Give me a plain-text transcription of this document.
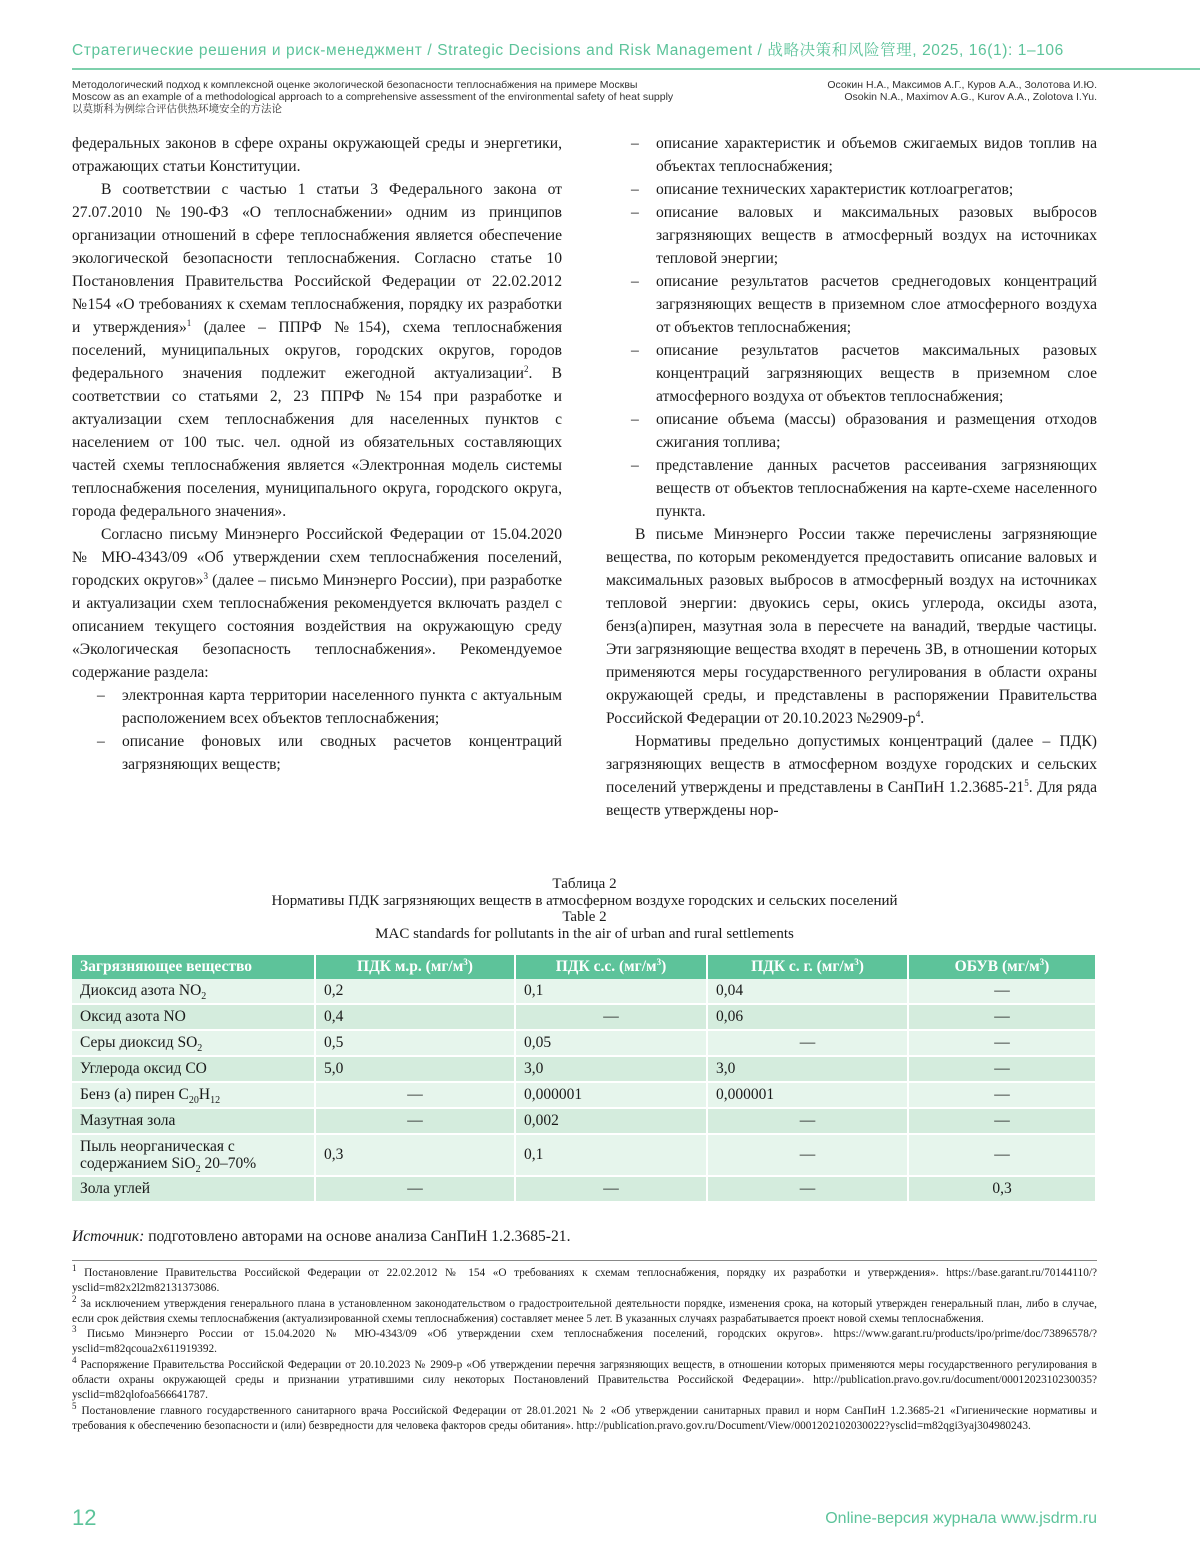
Стратегические решения и риск-менеджмент / Strategic Decisions and Risk Management / 战略决策和风险管理, 2025, 16(1): 1–106
Методологический подход к комплексной оценке экологической безопасности теплоснабжения на примере Москвы
Moscow as an example of a methodological approach to a comprehensive assessment of the environmental safety of heat supply
以莫斯科为例综合评估供热环境安全的方法论
Осокин Н.А., Максимов А.Г., Куров А.А., Золотова И.Ю.
Osokin N.A., Maximov A.G., Kurov A.A., Zolotova I.Yu.

федеральных законов в сфере охраны окружающей среды и энергетики, отражающих статьи Конституции.

В соответствии с частью 1 статьи 3 Федерального закона от 27.07.2010 №190-ФЗ «О теплоснабжении» одним из принципов организации отношений в сфере теплоснабжения является обеспечение экологической безопасности теплоснабжения. Согласно статье 10 Постановления Правительства Российской Федерации от 22.02.2012 №154 «О требованиях к схемам теплоснабжения, порядку их разработки и утверждения»$^1$ (далее – ППРФ №154), схема теплоснабжения поселений, муниципальных округов, городских округов, городов федерального значения подлежит ежегодной актуализации$^2$. В соответствии со статьями 2, 23 ППРФ №154 при разработке и актуализации схем теплоснабжения для населенных пунктов с населением от 100 тыс. чел. одной из обязательных составляющих частей схемы теплоснабжения является «Электронная модель системы теплоснабжения поселения, муниципального округа, городского округа, города федерального значения».

Согласно письму Минэнерго Российской Федерации от 15.04.2020 № МЮ-4343/09 «Об утверждении схем теплоснабжения поселений, городских округов»$^3$ (далее – письмо Минэнерго России), при разработке и актуализации схем теплоснабжения рекомендуется включать раздел с описанием текущего состояния воздействия на окружающую среду «Экологическая безопасность теплоснабжения». Рекомендуемое содержание раздела:

– электронная карта территории населенного пункта с актуальным расположением всех объектов теплоснабжения;
– описание фоновых или сводных расчетов концентраций загрязняющих веществ;
– описание характеристик и объемов сжигаемых видов топлив на объектах теплоснабжения;
– описание технических характеристик котлоагрегатов;
– описание валовых и максимальных разовых выбросов загрязняющих веществ в атмосферный воздух на источниках тепловой энергии;
– описание результатов расчетов среднегодовых концентраций загрязняющих веществ в приземном слое атмосферного воздуха от объектов теплоснабжения;
– описание результатов расчетов максимальных разовых концентраций загрязняющих веществ в приземном слое атмосферного воздуха от объектов теплоснабжения;
– описание объема (массы) образования и размещения отходов сжигания топлива;
– представление данных расчетов рассеивания загрязняющих веществ от объектов теплоснабжения на карте-схеме населенного пункта.

В письме Минэнерго России также перечислены загрязняющие вещества, по которым рекомендуется предоставить описание валовых и максимальных разовых выбросов в атмосферный воздух на источниках тепловой энергии: двуокись серы, окись углерода, оксиды азота, бенз(а)пирен, мазутная зола в пересчете на ванадий, твердые частицы. Эти загрязняющие вещества входят в перечень ЗВ, в отношении которых применяются меры государственного регулирования в области охраны окружающей среды, и представлены в распоряжении Правительства Российской Федерации от 20.10.2023 $№2909-р^4$.

Нормативы предельно допустимых концентраций (далее – ПДК) загрязняющих веществ в атмосферном воздухе городских и сельских поселений утверждены и представлены в СанПиН $1.2.3685-21^5$. Для ряда веществ утверждены нор-

Таблица 2
Нормативы ПДК загрязняющих веществ в атмосферном воздухе городских и сельских поселений
Table 2
MAC standards for pollutants in the air of urban and rural settlements
Загрязняющее вещество	ПДК м.р. $(мг/м^3)$	ПДК с.с. $(мг/м^3)$	ПДК с. г. $(мг/м^3)$	ОБУВ $(мг/м^3)$
Диоксид азота $NO_2$	0,2	0,1	0,04	—
Оксид азота NO	0,4	—	0,06	—
Серы диоксид $SO_2$	0,5	0,05	—	—
Углерода оксид CO	5,0	3,0	3,0	—
Бенз (а) пирен $C_{20}H_{12}$	—	0,000001	0,000001	—
Мазутная зола	—	0,002	—	—
Пыль неорганическая с содержанием SiO$_2$ 20–70%	0,3	0,1	—	—
Зола углей	—	—	—	0,3
Источник: подготовлено авторами на основе анализа СанПиН 1.2.3685-21.

$^1$ Постановление Правительства Российской Федерации от 22.02.2012 № 154 «О требованиях к схемам теплоснабжения, порядку их разработки и утверждения». https://base.garant.ru/70144110/?ysclid=m82x2l2m82131373086.

$^2$ За исключением утверждения генерального плана в установленном законодательством о градостроительной деятельности порядке, изменения срока, на который утвержден генеральный план, либо в случае, если срок действия схемы теплоснабжения (актуализированной схемы теплоснабжения) составляет менее 5 лет. В указанных случаях разрабатывается проект новой схемы теплоснабжения.

$^3$ Письмо Минэнерго России от 15.04.2020 № МЮ-4343/09 «Об утверждении схем теплоснабжения поселений, городских округов». https://www.garant.ru/products/ipo/prime/doc/73896578/?ysclid=m82qcoua2x611919392.

$^4$ Распоряжение Правительства Российской Федерации от 20.10.2023 № 2909-р «Об утверждении перечня загрязняющих веществ, в отношении которых применяются меры государственного регулирования в области охраны окружающей среды и признании утратившими силу некоторых Постановлений Правительства Российской Федерации». http://publication.pravo.gov.ru/document/0001202310230035?ysclid=m82qlofoa566641787.

$^5$ Постановление главного государственного санитарного врача Российской Федерации от 28.01.2021 № 2 «Об утверждении санитарных правил и норм СанПиН 1.2.3685-21 «Гигиенические нормативы и требования к обеспечению безопасности и (или) безвредности для человека факторов среды обитания». http://publication.pravo.gov.ru/Document/View/0001202102030022?ysclid=m82qgi3yaj304980243.

12	Online-версия журнала www.jsdrm.ru
